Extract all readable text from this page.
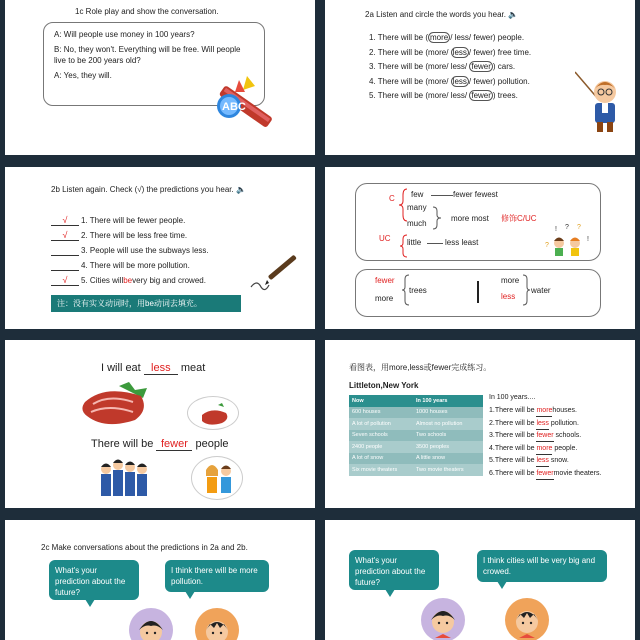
1c Role play and show the conversation.

A: Will people use money in 100 years?

B: No, they won't. Everything will be free. Will people live to be 200 years old?

A: Yes, they will.

ABC
2a Listen and circle the words you hear. 🔈
1. There will be ( more / less/ fewer) people.
2. There will be (more/ less / fewer) free time.
3. There will be (more/ less/ fewer ) cars.
4. There will be (more/ less / fewer) pollution.
5. There will be (more/ less/ fewer ) trees.
2b Listen again. Check (√) the predictions you hear. 🔈
√	1. There will be fewer people.
√	2. There will be less free time.
3. People will use the subways less.
4. There will be more pollution.
√	5. Cities will be very big and crowed.
注：没有实义动词时，用be动词去填充。
C
UC
few	fewer fewest
many
much
more most 修饰C/UC
little	less least	?
! ? ?
!
fewer
more
trees
more
less
water
I will eat less meat
There will be fewer people
看图表，用more,less或fewer完成练习。
Littleton,New York
Now	In 100 years
600 houses	1000 houses
A lot of pollution	Almost no pollution
Seven schools	Two schools
2400 people	3500 peoples
A lot of snow	A little snow
Six movie theaters	Two movie theaters
In 100 years....
1.There will be morehouses.
2.There will be less pollution.
3.There will be fewer schools.
4.There will be more people.
5.There will be less snow.
6.There will be fewermovie theaters.
2c Make conversations about the predictions in 2a and 2b.
What's your prediction about the future?
I think there will be more pollution.
What's your prediction about the future?
I think cities will be very big and crowed.
